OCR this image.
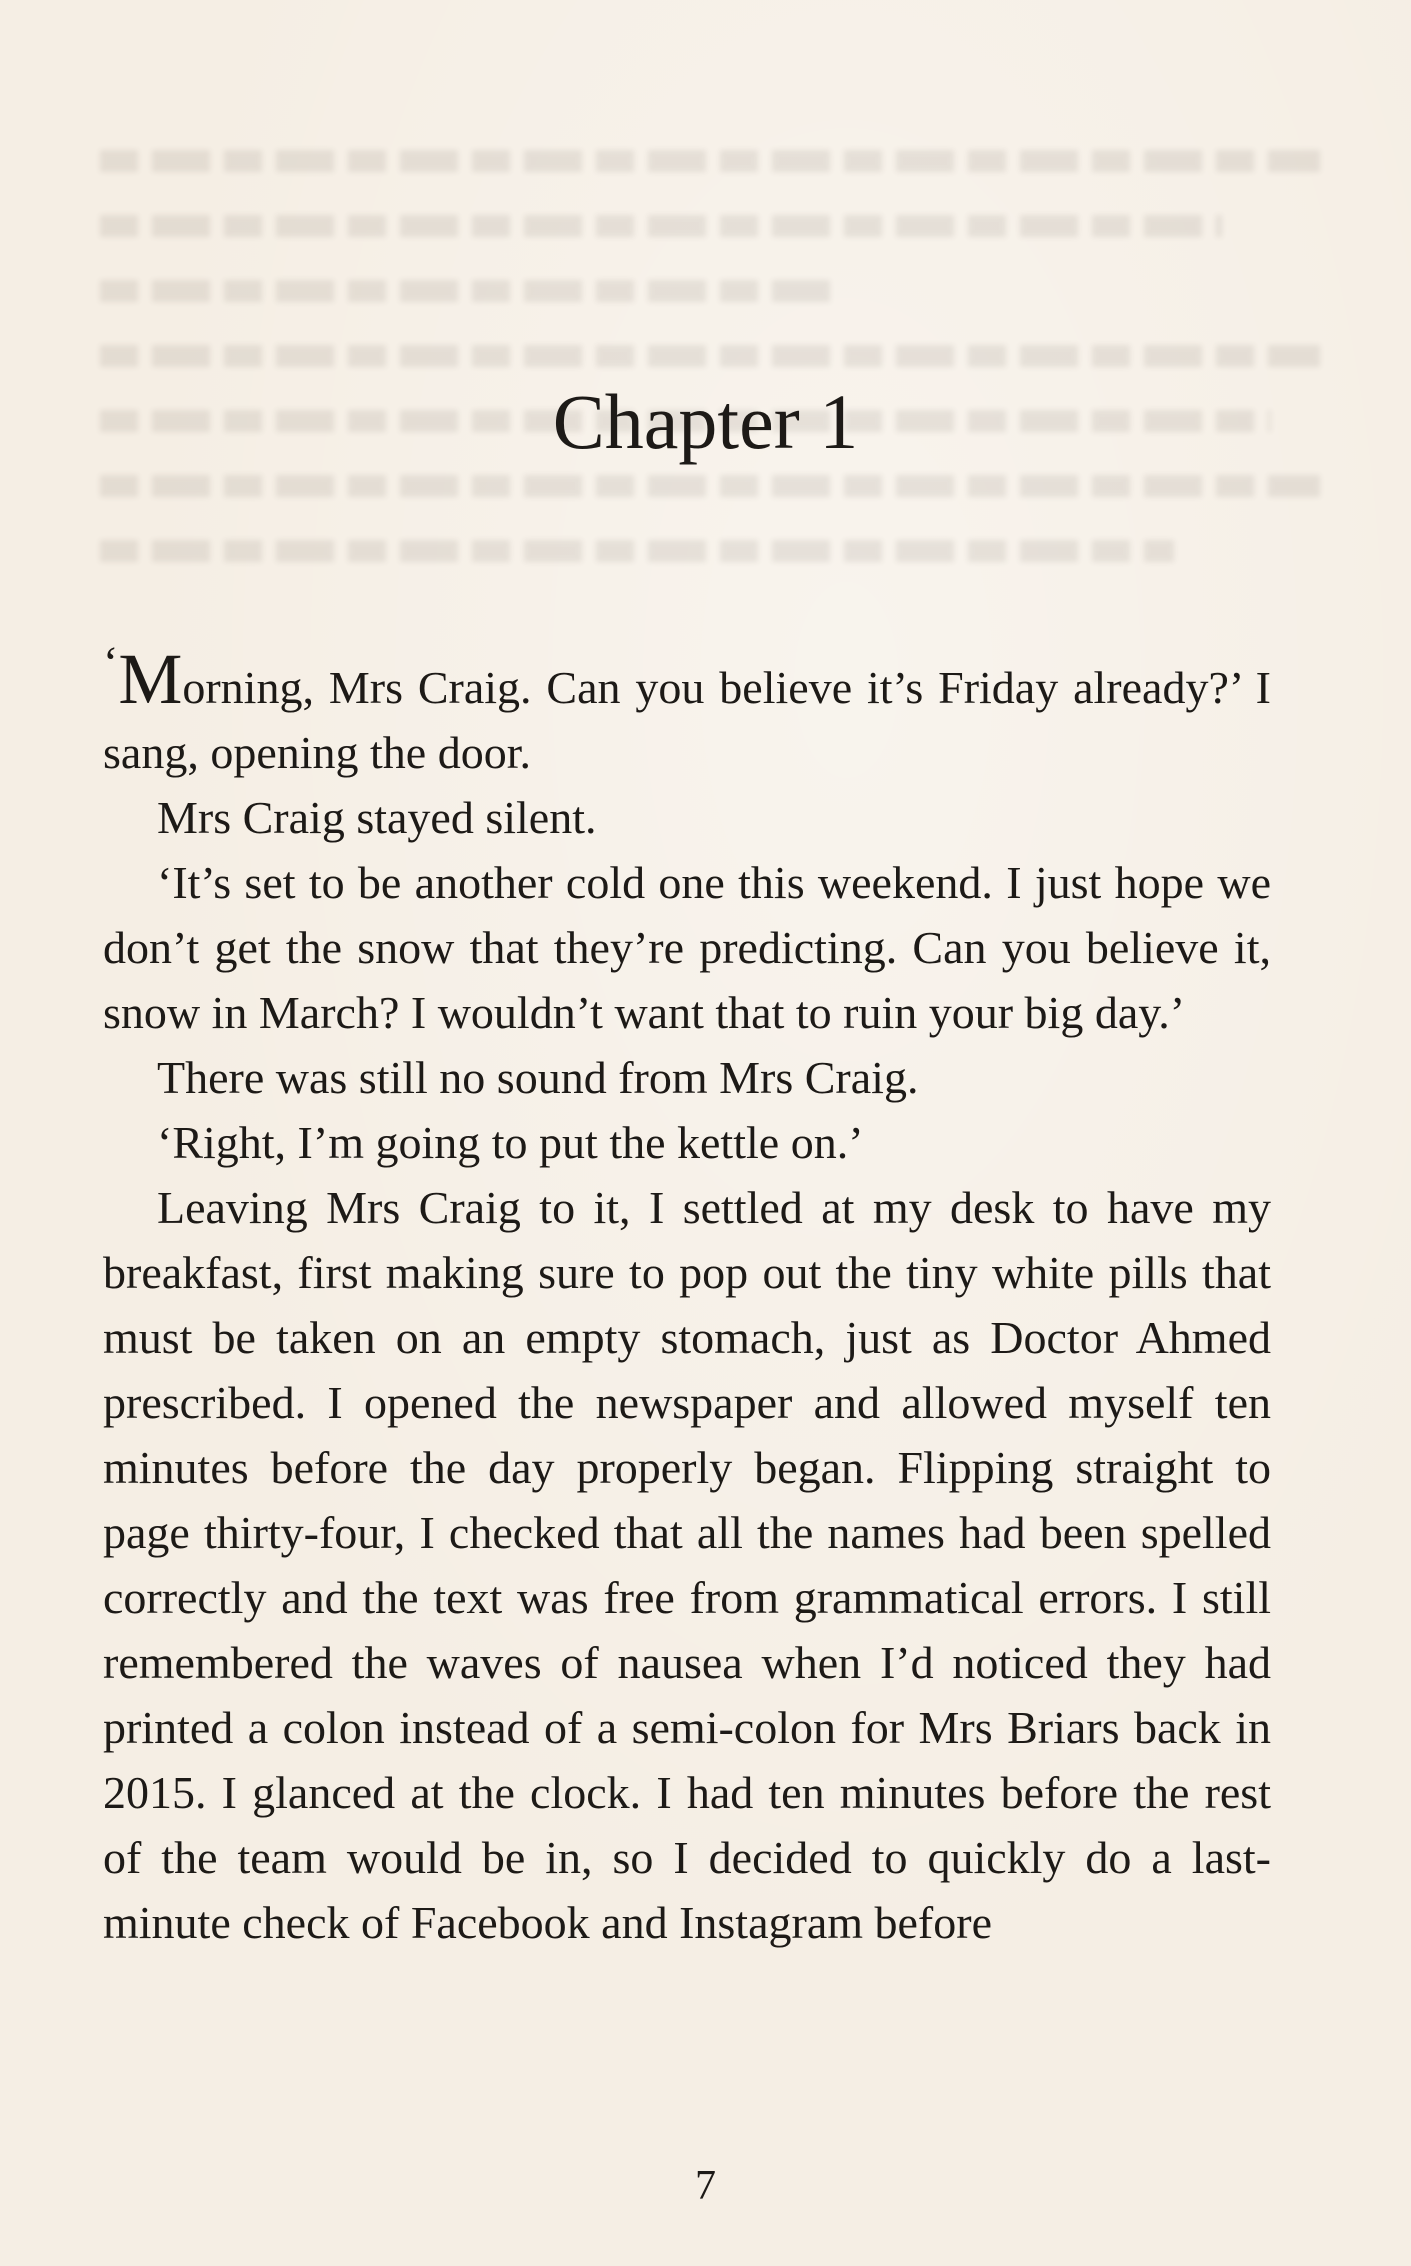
Chapter 1

‘Morning, Mrs Craig. Can you believe it’s Friday already?’ I sang, opening the door.

Mrs Craig stayed silent.

‘It’s set to be another cold one this weekend. I just hope we don’t get the snow that they’re predicting. Can you believe it, snow in March? I wouldn’t want that to ruin your big day.’

There was still no sound from Mrs Craig.

‘Right, I’m going to put the kettle on.’

Leaving Mrs Craig to it, I settled at my desk to have my breakfast, first making sure to pop out the tiny white pills that must be taken on an empty stomach, just as Doctor Ahmed prescribed. I opened the newspaper and allowed myself ten minutes before the day properly began. Flipping straight to page thirty-four, I checked that all the names had been spelled correctly and the text was free from grammatical errors. I still remembered the waves of nausea when I’d noticed they had printed a colon instead of a semi-colon for Mrs Briars back in 2015. I glanced at the clock. I had ten minutes before the rest of the team would be in, so I decided to quickly do a last-minute check of Facebook and Instagram before

7
